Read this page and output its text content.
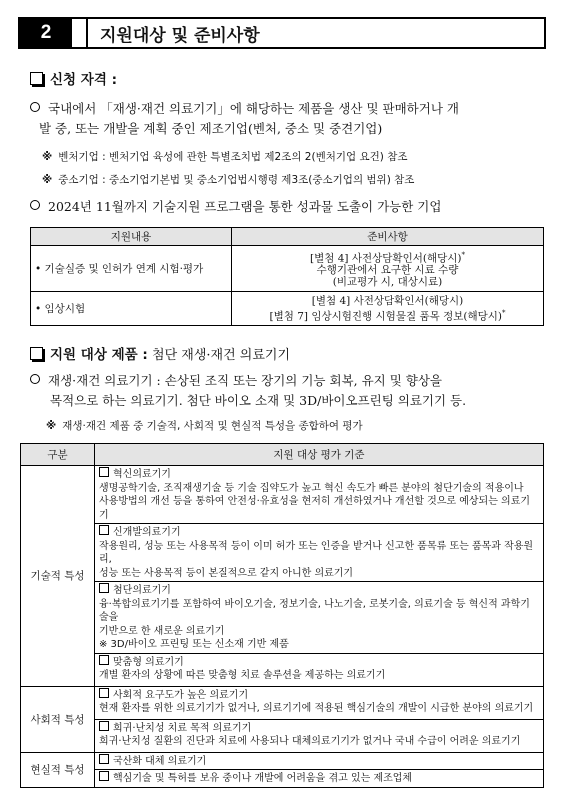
2	지원대상 및 준비사항
신청 자격 :
국내에서 「재생·재건 의료기기」에 해당하는 제품을 생산 및 판매하거나 개
발 중, 또는 개발을 계획 중인 제조기업(벤처, 중소 및 중견기업)
※ 벤처기업 : 벤처기업 육성에 관한 특별조치법 제2조의 2(벤처기업 요건) 참조
※ 중소기업 : 중소기업기본법 및 중소기업법시행령 제3조(중소기업의 범위) 참조
2024년 11월까지 기술지원 프로그램을 통한 성과물 도출이 가능한 기업
지원내용	준비사항
• 기술실증 및 인허가 연계 시험·평가	[별첨 4] 사전상담확인서(해당시)*
수행기관에서 요구한 시료 수량
(비교평가 시, 대상시료)

• 임상시험	[별첨 4] 사전상담확인서(해당시)
[별첨 7] 임상시험진행 시험물질 품목 정보(해당시)*
지원 대상 제품 : 첨단 재생·재건 의료기기
재생·재건 의료기기 : 손상된 조직 또는 장기의 기능 회복, 유지 및 향상을
목적으로 하는 의료기기. 첨단 바이오 소재 및 3D/바이오프린팅 의료기기 등.
※ 재생·재건 제품 중 기술적, 사회적 및 현실적 특성을 종합하여 평가
구분	지원 대상 평가 기준
기술적 특성	혁신의료기기
생명공학기술, 조직재생기술 등 기술 집약도가 높고 혁신 속도가 빠른 분야의 첨단기술의 적용이나
사용방법의 개선 등을 통하여 안전성·유효성을 현저히 개선하였거나 개선할 것으로 예상되는 의료기기

	신개발의료기기
작용원리, 성능 또는 사용목적 등이 이미 허가 또는 인증을 받거나 신고한 품목류 또는 품목과 작용원리,
성능 또는 사용목적 등이 본질적으로 같지 아니한 의료기기

	첨단의료기기
융·복합의료기기를 포함하여 바이오기술, 정보기술, 나노기술, 로봇기술, 의료기술 등 혁신적 과학기술을
기반으로 한 새로운 의료기기
※ 3D/바이오 프린팅 또는 신소재 기반 제품

	맞춤형 의료기기
개별 환자의 상황에 따른 맞춤형 치료 솔루션을 제공하는 의료기기

사회적 특성	사회적 요구도가 높은 의료기기
현재 환자를 위한 의료기기가 없거나, 의료기기에 적용된 핵심기술의 개발이 시급한 분야의 의료기기

	희귀·난치성 치료 목적 의료기기
희귀·난치성 질환의 진단과 치료에 사용되나 대체의료기기가 없거나 국내 수급이 어려운 의료기기

현실적 특성	국산화 대체 의료기기

	핵심기술 및 특허를 보유 중이나 개발에 어려움을 겪고 있는 제조업체
